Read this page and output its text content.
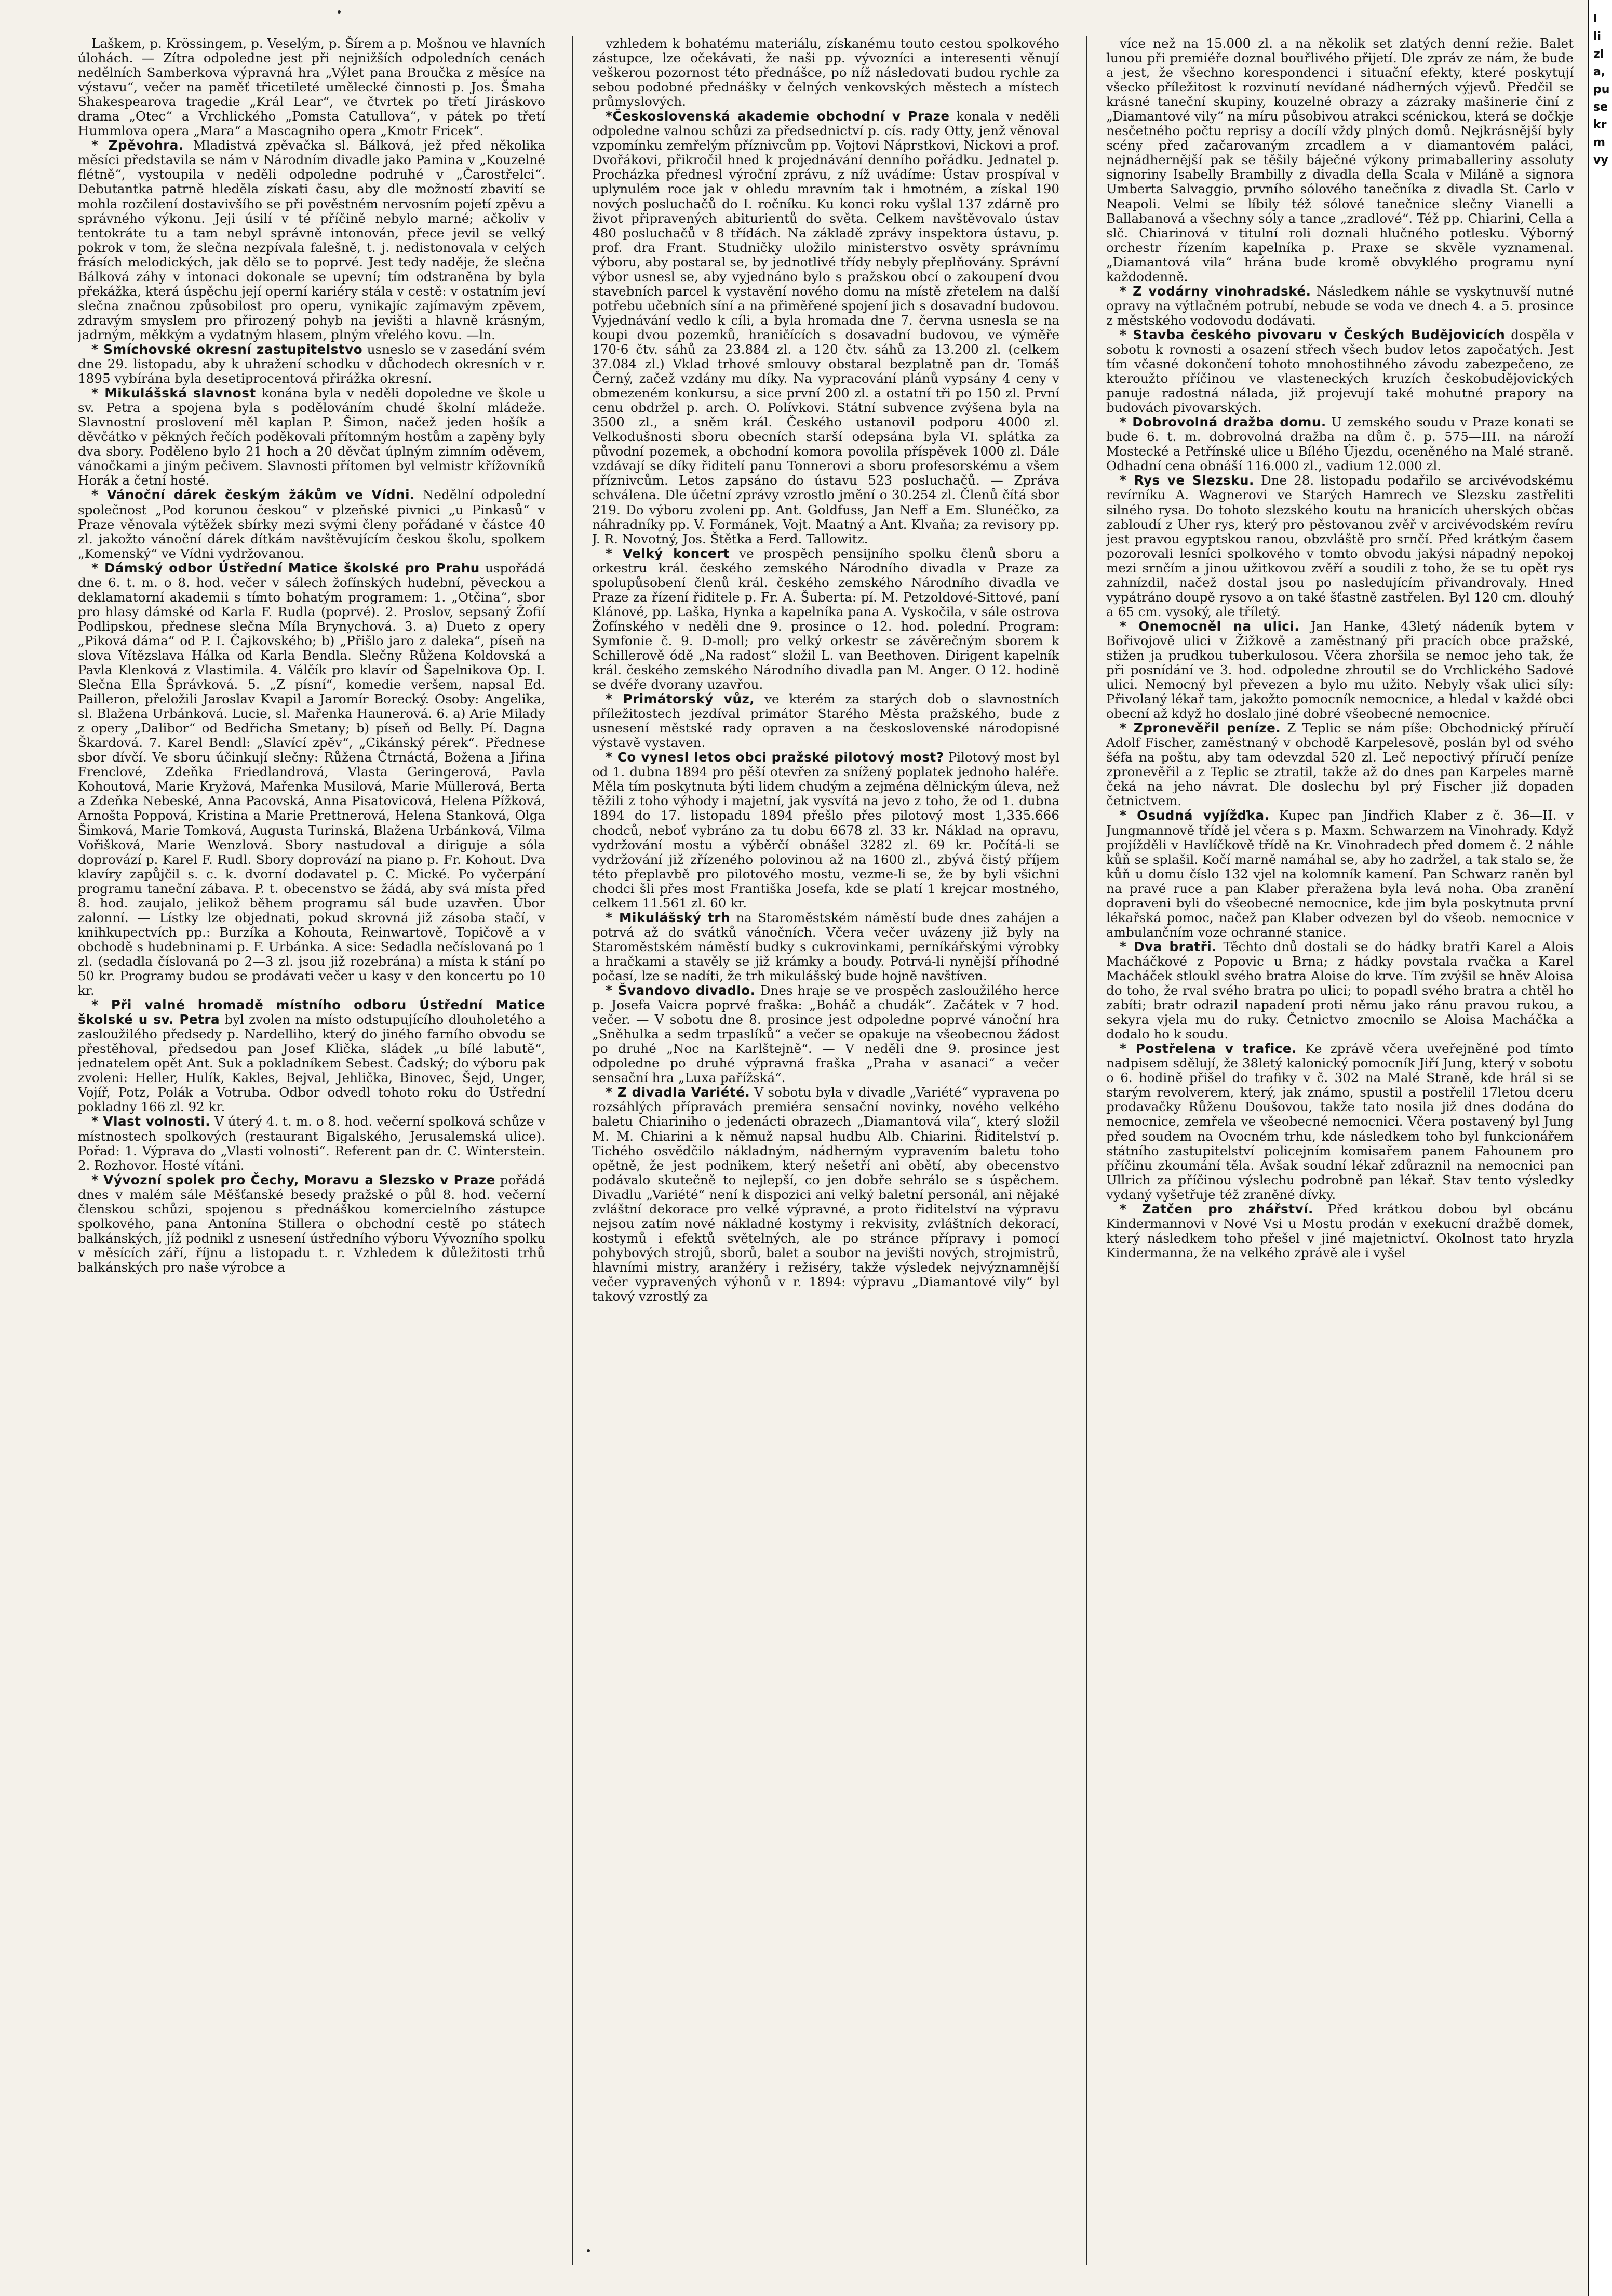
Laškem, p. Krössingem, p. Veselým, p. Šírem a p. Mošnou ve hlavních úlohách. — Zítra odpoledne jest při nejnižších odpoledních cenách nedělních Samberkova výpravná hra „Výlet pana Broučka z měsíce na výstavu“, večer na paměť třicetileté umělecké činnosti p. Jos. Šmaha Shakespearova tragedie „Král Lear“, ve čtvrtek po třetí Jiráskovo drama „Otec“ a Vrchlického „Pomsta Catullova“, v pátek po třetí Hummlova opera „Mara“ a Mascagniho opera „Kmotr Fricek“.

* Zpěvohra. Mladistvá zpěvačka sl. Bálková, jež před několika měsíci představila se nám v Národním divadle jako Pamina v „Kouzelné flétně“, vystoupila v neděli odpoledne podruhé v „Čarostřelci“. Debutantka patrně hleděla získati času, aby dle možností zbavití se mohla rozčilení dostavivšího se při pověstném nervosním pojetí zpěvu a správného výkonu. Jeji úsilí v té příčině nebylo marné; ačkoliv v tentokráte tu a tam nebyl správně intonován, přece jevil se velký pokrok v tom, že slečna nezpívala falešně, t. j. nedistonovala v celých frásích melodických, jak dělo se to poprvé. Jest tedy naděje, že slečna Bálková záhy v intonaci dokonale se upevní; tím odstraněna by byla překážka, která úspěchu její operní kariéry stála v cestě: v ostatním jeví slečna značnou způsobilost pro operu, vynikajíc zajímavým zpěvem, zdravým smyslem pro přirozený pohyb na jevišti a hlavně krásným, jadrným, měkkým a vydatným hlasem, plným vřelého kovu. —ln.

* Smíchovské okresní zastupitelstvo usneslo se v zasedání svém dne 29. listopadu, aby k uhražení schodku v důchodech okresních v r. 1895 vybírána byla desetiprocentová přirážka okresní.

* Mikulášská slavnost konána byla v neděli dopoledne ve škole u sv. Petra a spojena byla s podělováním chudé školní mládeže. Slavnostní proslovení měl kaplan P. Šimon, načež jeden hošík a děvčátko v pěkných řečích poděkovali přítomným hostům a zapěny byly dva sbory. Poděleno bylo 21 hoch a 20 děvčat úplným zimním oděvem, vánočkami a jiným pečivem. Slavnosti přítomen byl velmistr křížovníků Horák a četní hosté.

* Vánoční dárek českým žákům ve Vídni. Nedělní odpolední společnost „Pod korunou českou“ v plzeňské pivnici „u Pinkasů“ v Praze věnovala výtěžek sbírky mezi svými členy pořádané v částce 40 zl. jakožto vánoční dárek dítkám navštěvujícím českou školu, spolkem „Komenský“ ve Vídni vydržovanou.

* Dámský odbor Ústřední Matice školské pro Prahu uspořádá dne 6. t. m. o 8. hod. večer v sálech žofínských hudební, pěveckou a deklamatorní akademii s tímto bohatým programem: 1. „Otčina“, sbor pro hlasy dámské od Karla F. Rudla (poprvé). 2. Proslov, sepsaný Žofií Podlipskou, přednese slečna Míla Brynychová. 3. a) Dueto z opery „Piková dáma“ od P. I. Čajkovského; b) „Přišlo jaro z daleka“, píseň na slova Vítězslava Hálka od Karla Bendla. Slečny Růžena Koldovská a Pavla Klenková z Vlastimila. 4. Válčík pro klavír od Šapelnikova Op. I. Slečna Ella Šprávková. 5. „Z písní“, komedie veršem, napsal Ed. Pailleron, přeložili Jaroslav Kvapil a Jaromír Borecký. Osoby: Angelika, sl. Blažena Urbánková. Lucie, sl. Mařenka Haunerová. 6. a) Arie Milady z opery „Dalibor“ od Bedřicha Smetany; b) píseň od Belly. Pí. Dagna Škardová. 7. Karel Bendl: „Slavící zpěv“, „Cikánský pérek“. Přednese sbor dívčí. Ve sboru účinkují slečny: Růžena Čtrnáctá, Božena a Jiřina Frenclové, Zdeňka Friedlandrová, Vlasta Geringerová, Pavla Kohoutová, Marie Kryžová, Mařenka Musilová, Marie Müllerová, Berta a Zdeňka Nebeské, Anna Pacovská, Anna Pisatovicová, Helena Pížková, Arnošta Poppová, Kristina a Marie Prettnerová, Helena Stanková, Olga Šimková, Marie Tomková, Augusta Turinská, Blažena Urbánková, Vilma Vořišková, Marie Wenzlová. Sbory nastudoval a diriguje a sóla doprovází p. Karel F. Rudl. Sbory doprovází na piano p. Fr. Kohout. Dva klavíry zapůjčil s. c. k. dvorní dodavatel p. C. Mické. Po vyčerpání programu taneční zábava. P. t. obecenstvo se žádá, aby svá místa před 8. hod. zaujalo, jelikož během programu sál bude uzavřen. Úbor zalonní. — Lístky lze objednati, pokud skrovná již zásoba stačí, v knihkupectvích pp.: Burzíka a Kohouta, Reinwartově, Topičově a v obchodě s hudebninami p. F. Urbánka. A sice: Sedadla nečíslovaná po 1 zl. (sedadla číslovaná po 2—3 zl. jsou již rozebrána) a místa k stání po 50 kr. Programy budou se prodávati večer u kasy v den koncertu po 10 kr.

* Při valné hromadě místního odboru Ústřední Matice školské u sv. Petra byl zvolen na místo odstupujícího dlouholetého a zasloužilého předsedy p. Nardelliho, který do jiného farního obvodu se přestěhoval, předsedou pan Josef Klička, sládek „u bílé labutě“, jednatelem opět Ant. Suk a pokladníkem Sebest. Čadský; do výboru pak zvoleni: Heller, Hulík, Kakles, Bejval, Jehlička, Binovec, Šejd, Unger, Vojíř, Potz, Polák a Votruba. Odbor odvedl tohoto roku do Ústřední pokladny 166 zl. 92 kr.

* Vlast volnosti. V úterý 4. t. m. o 8. hod. večerní spolková schůze v místnostech spolkových (restaurant Bigalského, Jerusalemská ulice). Pořad: 1. Výprava do „Vlasti volnosti“. Referent pan dr. C. Winterstein. 2. Rozhovor. Hosté vítáni.

* Vývozní spolek pro Čechy, Moravu a Slezsko v Praze pořádá dnes v malém sále Měšťanské besedy pražské o půl 8. hod. večerní členskou schůzi, spojenou s přednáškou komercielního zástupce spolkového, pana Antonína Stillera o obchodní cestě po státech balkánských, jíž podnikl z usnesení ústředního výboru Vývozního spolku v měsících září, říjnu a listopadu t. r. Vzhledem k důležitosti trhů balkánských pro naše výrobce a

vzhledem k bohatému materiálu, získanému touto cestou spolkového zástupce, lze očekávati, že naši pp. vývozníci a interesenti věnují veškerou pozornost této přednášce, po níž následovati budou rychle za sebou podobné přednášky v čelných venkovských městech a místech průmyslových.

*Československá akademie obchodní v Praze konala v neděli odpoledne valnou schůzi za předsednictví p. cís. rady Otty, jenž věnoval vzpomínku zemřelým příznivcům pp. Vojtovi Náprstkovi, Nickovi a prof. Dvořákovi, přikročil hned k projednávání denního pořádku. Jednatel p. Procházka přednesl výroční zprávu, z níž uvádíme: Ústav prospíval v uplynulém roce jak v ohledu mravním tak i hmotném, a získal 190 nových posluchačů do I. ročníku. Ku konci roku vyšlal 137 zdárně pro život připravených abiturientů do světa. Celkem navštěvovalo ústav 480 posluchačů v 8 třídách. Na základě zprávy inspektora ústavu, p. prof. dra Frant. Studničky uložilo ministerstvo osvěty správnímu výboru, aby postaral se, by jednotlivé třídy nebyly přeplňovány. Správní výbor usnesl se, aby vyjednáno bylo s pražskou obcí o zakoupení dvou stavebních parcel k vystavění nového domu na místě zřetelem na další potřebu učebních síní a na přiměřené spojení jich s dosavadní budovou. Vyjednávání vedlo k cíli, a byla hromada dne 7. června usnesla se na koupi dvou pozemků, hraničících s dosavadní budovou, ve výměře 170·6 čtv. sáhů za 23.884 zl. a 120 čtv. sáhů za 13.200 zl. (celkem 37.084 zl.) Vklad trhové smlouvy obstaral bezplatně pan dr. Tomáš Černý, začež vzdány mu díky. Na vypracování plánů vypsány 4 ceny v obmezeném konkursu, a sice první 200 zl. a ostatní tři po 150 zl. První cenu obdržel p. arch. O. Polívkovi. Státní subvence zvýšena byla na 3500 zl., a sněm král. Českého ustanovil podporu 4000 zl. Velkodušnosti sboru obecních starší odepsána byla VI. splátka za původní pozemek, a obchodní komora povolila příspěvek 1000 zl. Dále vzdávají se díky řiditelí panu Tonnerovi a sboru profesorskému a všem příznivcům. Letos zapsáno do ústavu 523 posluchačů. — Zpráva schválena. Dle účetní zprávy vzrostlo jmění o 30.254 zl. Členů čítá sbor 219. Do výboru zvoleni pp. Ant. Goldfuss, Jan Neff a Em. Slunéčko, za náhradníky pp. V. Formánek, Vojt. Maatný a Ant. Klvaňa; za revisory pp. J. R. Novotný, Jos. Štětka a Ferd. Tallowitz.

* Velký koncert ve prospěch pensijního spolku členů sboru a orkestru král. českého zemského Národního divadla v Praze za spolupůsobení členů král. českého zemského Národního divadla ve Praze za řízení řiditele p. Fr. A. Šuberta: pí. M. Petzoldové-Sittové, paní Klánové, pp. Laška, Hynka a kapelníka pana A. Vyskočila, v sále ostrova Žofínského v neděli dne 9. prosince o 12. hod. polední. Program: Symfonie č. 9. D-moll; pro velký orkestr se závěrečným sborem k Schillerově ódě „Na radost“ složil L. van Beethoven. Dirigent kapelník král. českého zemského Národního divadla pan M. Anger. O 12. hodině se dvéře dvorany uzavřou.

* Primátorský vůz, ve kterém za starých dob o slavnostních příležitostech jezdíval primátor Starého Města pražského, bude z usnesení městské rady opraven a na československé národopisné výstavě vystaven.

* Co vynesl letos obci pražské pilotový most? Pilotový most byl od 1. dubna 1894 pro pěší otevřen za snížený poplatek jednoho haléře. Měla tím poskytnuta býti lidem chudým a zejména dělnickým úleva, než těžili z toho výhody i majetní, jak vysvítá na jevo z toho, že od 1. dubna 1894 do 17. listopadu 1894 přešlo přes pilotový most 1,335.666 chodců, neboť vybráno za tu dobu 6678 zl. 33 kr. Náklad na opravu, vydržování mostu a výběrčí obnášel 3282 zl. 69 kr. Počítá-li se vydržování již zřízeného polovinou až na 1600 zl., zbývá čistý příjem této přeplavbě pro pilotového mostu, vezme-li se, že by byli všichni chodci šli přes most Františka Josefa, kde se platí 1 krejcar mostného, celkem 11.561 zl. 60 kr.

* Mikulášský trh na Staroměstském náměstí bude dnes zahájen a potrvá až do svátků vánočních. Včera večer uvázeny již byly na Staroměstském náměstí budky s cukrovinkami, perníkářskými výrobky a hračkami a stavěly se již krámky a boudy. Potrvá-li nynější příhodné počasí, lze se nadíti, že trh mikulášský bude hojně navštíven.

* Švandovo divadlo. Dnes hraje se ve prospěch zasloužilého herce p. Josefa Vaicra poprvé fraška: „Boháč a chudák“. Začátek v 7 hod. večer. — V sobotu dne 8. prosince jest odpoledne poprvé vánoční hra „Sněhulka a sedm trpaslíků“ a večer se opakuje na všeobecnou žádost po druhé „Noc na Karlštejně“. — V neděli dne 9. prosince jest odpoledne po druhé výpravná fraška „Praha v asanaci“ a večer sensační hra „Luxa pařížská“.

* Z divadla Variété. V sobotu byla v divadle „Variété“ vypravena po rozsáhlých přípravách premiéra sensační novinky, nového velkého baletu Chiariniho o jedenácti obrazech „Diamantová vila“, který složil M. M. Chiarini a k němuž napsal hudbu Alb. Chiarini. Řiditelství p. Tichého osvědčilo nákladným, nádherným vypravením baletu toho opětně, že jest podnikem, který nešetří ani obětí, aby obecenstvo podávalo skutečně to nejlepší, co jen dobře sehrálo se s úspěchem. Divadlu „Variété“ není k dispozici ani velký baletní personál, ani nějaké zvláštní dekorace pro velké výpravné, a proto řiditelství na výpravu nejsou zatím nové nákladné kostymy i rekvisity, zvláštních dekorací, kostymů i efektů světelných, ale po stránce přípravy i pomocí pohybových strojů, sborů, balet a soubor na jevišti nových, strojmistrů, hlavními mistry, aranžéry i režiséry, takže výsledek nejvýznamnější večer vypravených výhonů v r. 1894: výpravu „Diamantové vily“ byl takový vzrostlý za

více než na 15.000 zl. a na několik set zlatých denní režie. Balet lunou při premiéře doznal bouřlivého přijetí. Dle zpráv ze nám, že bude a jest, že všechno korespondenci i situační efekty, které poskytují všecko příležitost k rozvinutí nevídané nádherných výjevů. Předčil se krásné taneční skupiny, kouzelné obrazy a zázraky mašinerie činí z „Diamantové vily“ na míru působivou atrakci scénickou, která se dočkje nesčetného počtu reprisy a docílí vždy plných domů. Nejkrásnější byly scény před začarovaným zrcadlem a v diamantovém paláci, nejnádhernější pak se těšily báječné výkony primaballeriny assoluty signoriny Isabelly Brambilly z divadla della Scala v Miláně a signora Umberta Salvaggio, prvního sólového tanečníka z divadla St. Carlo v Neapoli. Velmi se líbily též sólové tanečnice slečny Vianelli a Ballabanová a všechny sóly a tance „zradlové“. Též pp. Chiarini, Cella a slč. Chiarinová v titulní roli doznali hlučného potlesku. Výborný orchestr řízením kapelníka p. Praxe se skvěle vyznamenal. „Diamantová vila“ hrána bude kromě obvyklého programu nyní každodenně.

* Z vodárny vinohradské. Následkem náhle se vyskytnuvší nutné opravy na výtlačném potrubí, nebude se voda ve dnech 4. a 5. prosince z městského vodovodu dodávati.

* Stavba českého pivovaru v Českých Budějovicích dospěla v sobotu k rovnosti a osazení střech všech budov letos započatých. Jest tím včasné dokončení tohoto mnohostihného závodu zabezpečeno, ze kteroužto příčinou ve vlasteneckých kruzích českobudějovických panuje radostná nálada, již projevují také mohutné prapory na budovách pivovarských.

* Dobrovolná dražba domu. U zemského soudu v Praze konati se bude 6. t. m. dobrovolná dražba na dům č. p. 575—III. na nároží Mostecké a Petřínské ulice u Bílého Újezdu, oceněného na Malé straně. Odhadní cena obnáší 116.000 zl., vadium 12.000 zl.

* Rys ve Slezsku. Dne 28. listopadu podařilo se arcivévodskému revírníku A. Wagnerovi ve Starých Hamrech ve Slezsku zastřeliti silného rysa. Do tohoto slezského koutu na hranicích uherských občas zabloudí z Uher rys, který pro pěstovanou zvěř v arcivévodském revíru jest pravou egyptskou ranou, obzvláště pro srnčí. Před krátkým časem pozorovali lesníci spolkového v tomto obvodu jakýsi nápadný nepokoj mezi srnčím a jinou užitkovou zvěří a soudili z toho, že se tu opět rys zahnízdil, načež dostal jsou po nasledujícím přivandrovaly. Hned vypátráno doupě rysovo a on také šťastně zastřelen. Byl 120 cm. dlouhý a 65 cm. vysoký, ale tříletý.

* Onemocněl na ulici. Jan Hanke, 43letý nádeník bytem v Bořivojově ulici v Žižkově a zaměstnaný při pracích obce pražské, stižen ja prudkou tuberkulosou. Včera zhoršila se nemoc jeho tak, že při posnídání ve 3. hod. odpoledne zhroutil se do Vrchlického Sadové ulici. Nemocný byl převezen a bylo mu užito. Nebyly však ulici síly: Přivolaný lékař tam, jakožto pomocník nemocnice, a hledal v každé obci obecní až když ho doslalo jiné dobré všeobecné nemocnice.

* Zpronevěřil peníze. Z Teplic se nám píše: Obchodnický příručí Adolf Fischer, zaměstnaný v obchodě Karpelesově, poslán byl od svého šéfa na poštu, aby tam odevzdal 520 zl. Leč nepoctivý příručí peníze zpronevěřil a z Teplic se ztratil, takže až do dnes pan Karpeles marně čeká na jeho návrat. Dle doslechu byl prý Fischer již dopaden četnictvem.

* Osudná vyjížďka. Kupec pan Jindřich Klaber z č. 36—II. v Jungmannově třídě jel včera s p. Maxm. Schwarzem na Vinohrady. Když projížděli v Havlíčkově třídě na Kr. Vinohradech před domem č. 2 náhle kůň se splašil. Kočí marně namáhal se, aby ho zadržel, a tak stalo se, že kůň u domu číslo 132 vjel na kolomník kamení. Pan Schwarz raněn byl na pravé ruce a pan Klaber přeražena byla levá noha. Oba zranění dopraveni byli do všeobecné nemocnice, kde jim byla poskytnuta první lékařská pomoc, načež pan Klaber odvezen byl do všeob. nemocnice v ambulančním voze ochranné stanice.

* Dva bratři. Těchto dnů dostali se do hádky bratři Karel a Alois Macháčkové z Popovic u Brna; z hádky povstala rvačka a Karel Macháček stloukl svého bratra Aloise do krve. Tím zvýšil se hněv Aloisa do toho, že rval svého bratra po ulici; to popadl svého bratra a chtěl ho zabíti; bratr odrazil napadení proti němu jako ránu pravou rukou, a sekyra vjela mu do ruky. Četnictvo zmocnilo se Aloisa Macháčka a dodalo ho k soudu.

* Postřelena v trafice. Ke zprávě včera uveřejněné pod tímto nadpisem sdělují, že 38letý kalonický pomocník Jiří Jung, který v sobotu o 6. hodině přišel do trafiky v č. 302 na Malé Straně, kde hrál si se starým revolverem, který, jak známo, spustil a postřelil 17letou dceru prodavačky Růženu Doušovou, takže tato nosila již dnes dodána do nemocnice, zemřela ve všeobecné nemocnici. Včera postavený byl Jung před soudem na Ovocném trhu, kde následkem toho byl funkcionářem státního zastupitelství policejním komisařem panem Fahounem pro příčinu zkoumání těla. Avšak soudní lékař zdůraznil na nemocnici pan Ullrich za příčinou výslechu podrobně pan lékař. Stav tento výsledky vydaný vyšetřuje též zraněné dívky.

* Zatčen pro zhářství. Před krátkou dobou byl obcánu Kindermannovi v Nové Vsi u Mostu prodán v exekucní dražbě domek, který následkem toho přešel v jiné majetnictví. Okolnost tato hryzla Kindermanna, že na velkého zprávě ale i vyšel

l
li
zl
a,
pu
se
kr
m
vy
